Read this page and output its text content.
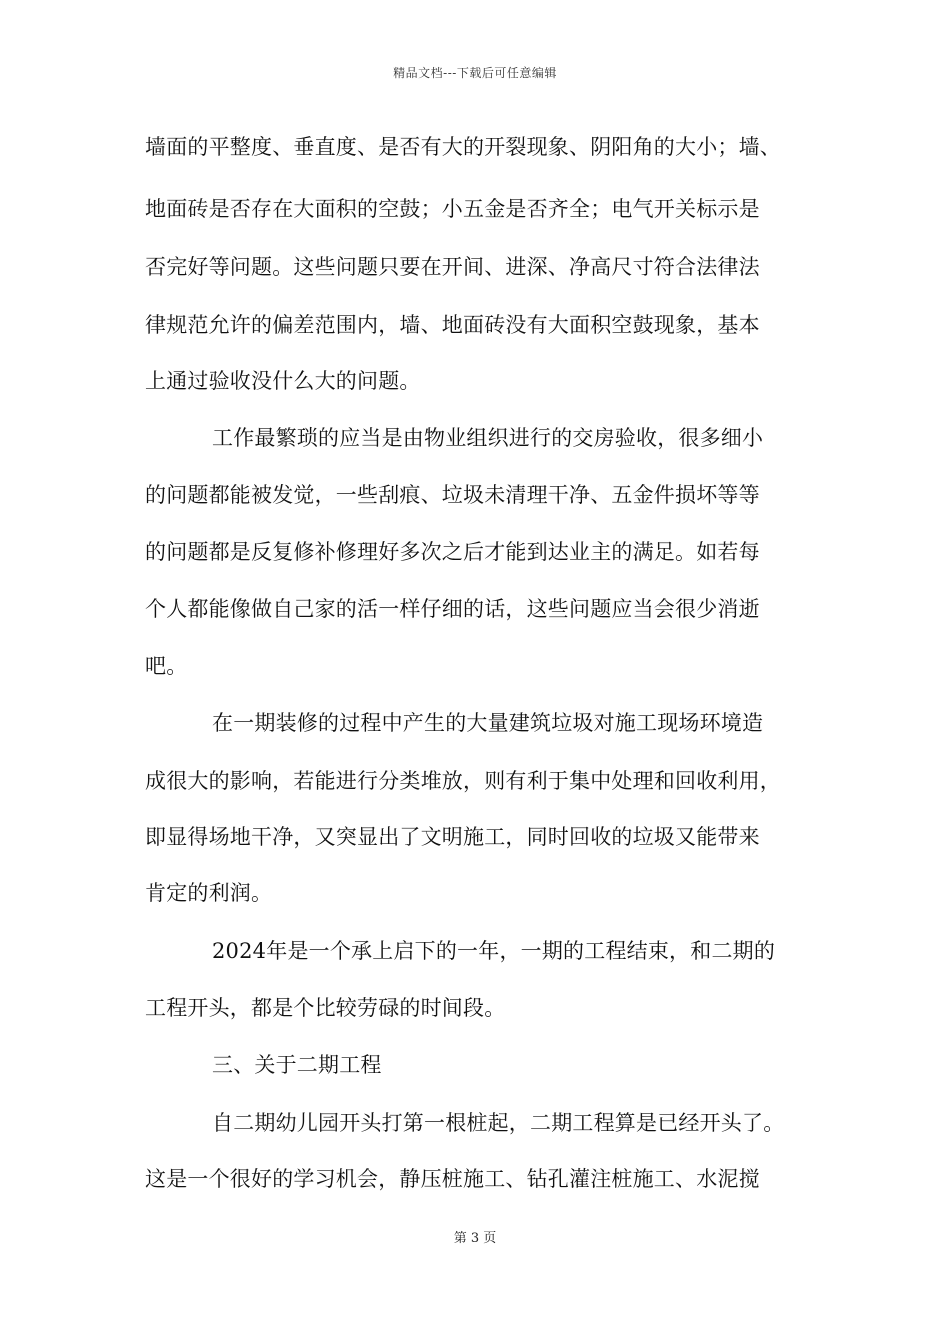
精品文档---下载后可任意编辑
墙面的平整度、垂直度、是否有大的开裂现象、阴阳角的大小；墙、
地面砖是否存在大面积的空鼓；小五金是否齐全；电气开关标示是
否完好等问题。这些问题只要在开间、进深、净高尺寸符合法律法
律规范允许的偏差范围内，墙、地面砖没有大面积空鼓现象，基本
上通过验收没什么大的问题。
工作最繁琐的应当是由物业组织进行的交房验收，很多细小
的问题都能被发觉，一些刮痕、垃圾未清理干净、五金件损坏等等
的问题都是反复修补修理好多次之后才能到达业主的满足。如若每
个人都能像做自己家的活一样仔细的话，这些问题应当会很少消逝
吧。
在一期装修的过程中产生的大量建筑垃圾对施工现场环境造
成很大的影响，若能进行分类堆放，则有利于集中处理和回收利用，
即显得场地干净，又突显出了文明施工，同时回收的垃圾又能带来
肯定的利润。
2024年是一个承上启下的一年，一期的工程结束，和二期的
工程开头，都是个比较劳碌的时间段。
三、关于二期工程
自二期幼儿园开头打第一根桩起，二期工程算是已经开头了。
这是一个很好的学习机会，静压桩施工、钻孔灌注桩施工、水泥搅
第 3 页
